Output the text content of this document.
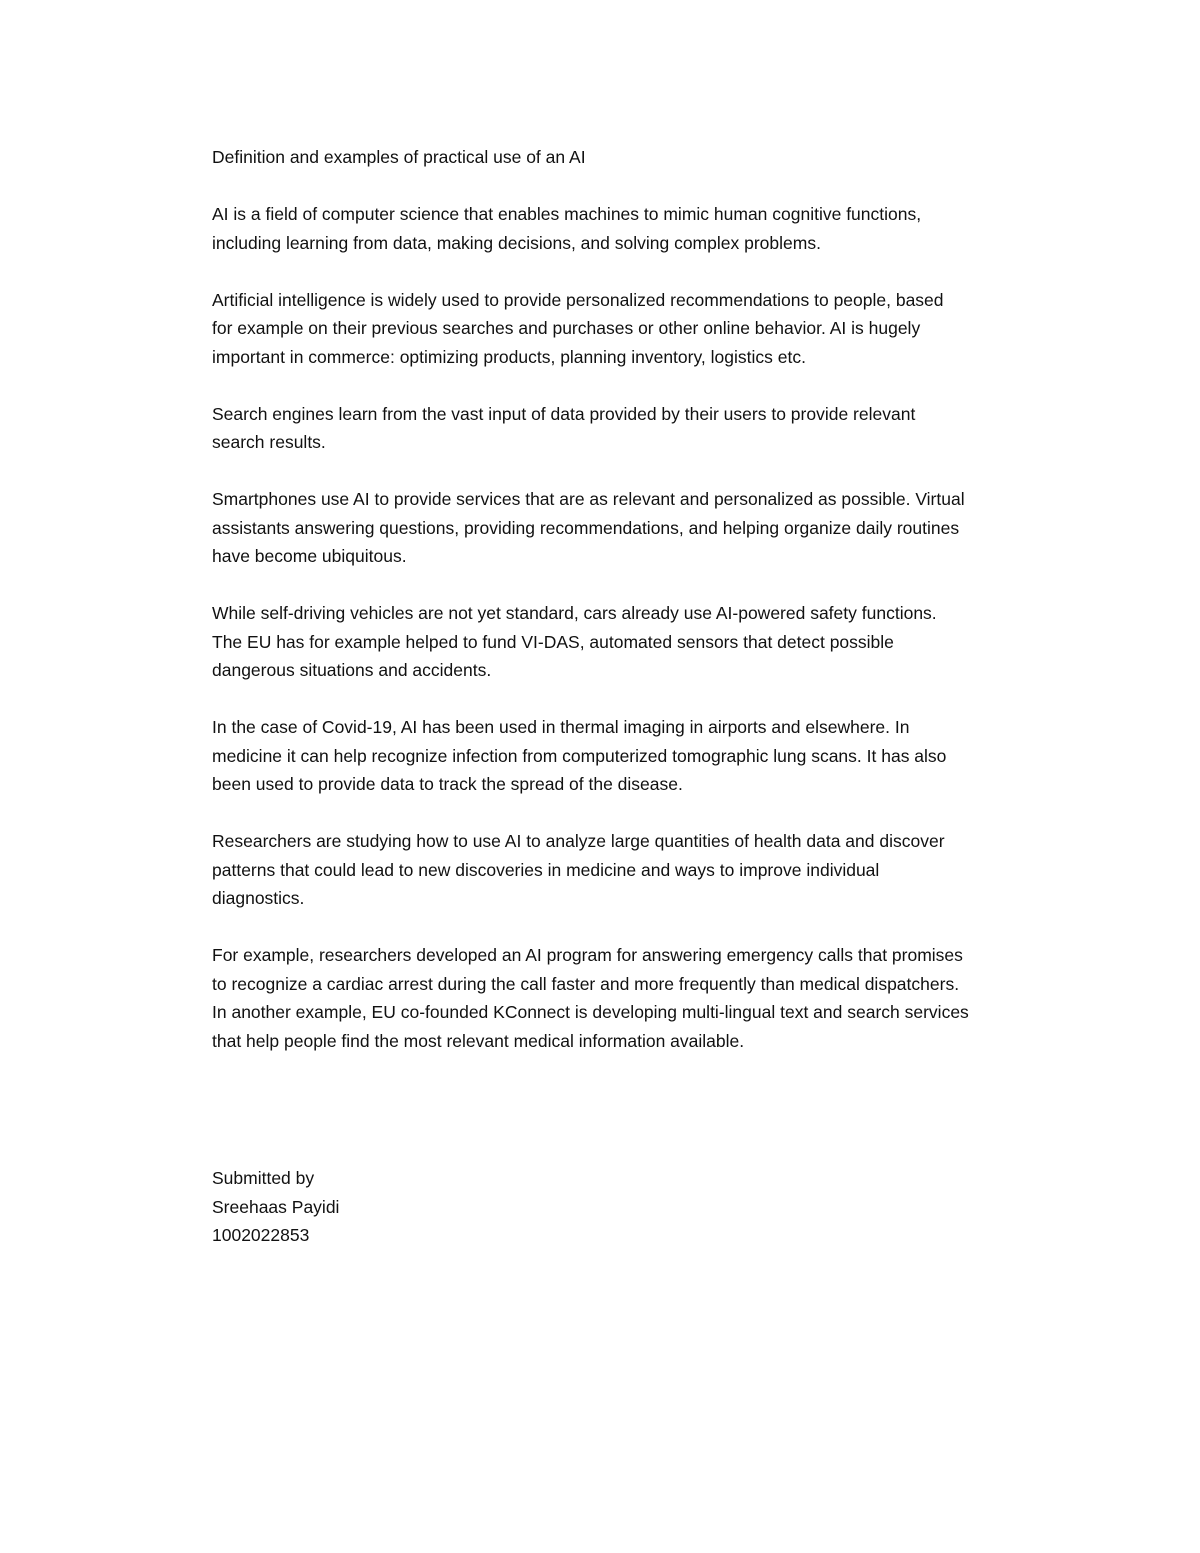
Definition and examples of practical use of an AI
AI is a field of computer science that enables machines to mimic human cognitive functions,
including learning from data, making decisions, and solving complex problems.
Artificial intelligence is widely used to provide personalized recommendations to people, based
for example on their previous searches and purchases or other online behavior. AI is hugely
important in commerce: optimizing products, planning inventory, logistics etc.
Search engines learn from the vast input of data provided by their users to provide relevant
search results.
Smartphones use AI to provide services that are as relevant and personalized as possible. Virtual
assistants answering questions, providing recommendations, and helping organize daily routines
have become ubiquitous.
While self-driving vehicles are not yet standard, cars already use AI-powered safety functions.
The EU has for example helped to fund VI-DAS, automated sensors that detect possible
dangerous situations and accidents.
In the case of Covid-19, AI has been used in thermal imaging in airports and elsewhere. In
medicine it can help recognize infection from computerized tomographic lung scans. It has also
been used to provide data to track the spread of the disease.
Researchers are studying how to use AI to analyze large quantities of health data and discover
patterns that could lead to new discoveries in medicine and ways to improve individual
diagnostics.
For example, researchers developed an AI program for answering emergency calls that promises
to recognize a cardiac arrest during the call faster and more frequently than medical dispatchers.
In another example, EU co-founded KConnect is developing multi-lingual text and search services
that help people find the most relevant medical information available.
Submitted by
Sreehaas Payidi
1002022853
